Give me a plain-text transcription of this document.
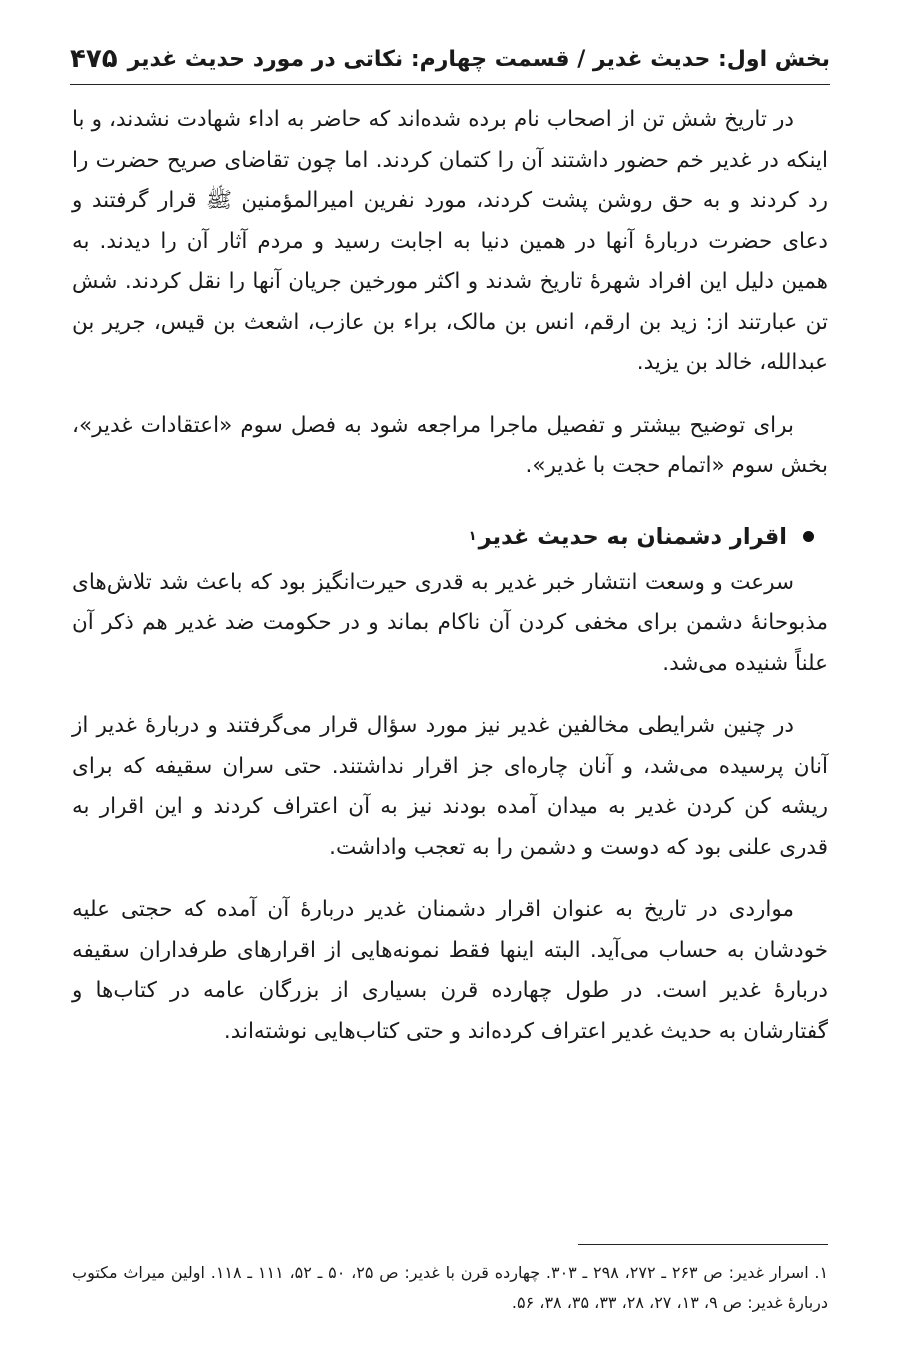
بخش اول: حدیث غدیر / قسمت چهارم: نکاتی در مورد حدیث غدیر
۴۷۵

در تاریخ شش تن از اصحاب نام برده شده‌اند که حاضر به اداء شهادت نشدند، و با اینکه در غدیر خم حضور داشتند آن را کتمان کردند. اما چون تقاضای صریح حضرت را رد کردند و به حق روشن پشت کردند، مورد نفرین امیرالمؤمنین ﷺ قرار گرفتند و دعای حضرت دربارۀ آنها در همین دنیا به اجابت رسید و مردم آثار آن را دیدند. به همین دلیل این افراد شهرۀ تاریخ شدند و اکثر مورخین جریان آنها را نقل کردند. شش تن عبارتند از: زید بن ارقم، انس بن مالک، براء بن عازب، اشعث بن قیس، جریر بن عبدالله، خالد بن یزید.

برای توضیح بیشتر و تفصیل ماجرا مراجعه شود به فصل سوم «اعتقادات غدیر»، بخش سوم «اتمام حجت با غدیر».

اقرار دشمنان به حدیث غدیر
۱

سرعت و وسعت انتشار خبر غدیر به قدری حیرت‌انگیز بود که باعث شد تلاش‌های مذبوحانۀ دشمن برای مخفی کردن آن ناکام بماند و در حکومت ضد غدیر هم ذکر آن علناً شنیده می‌شد.

در چنین شرایطی مخالفین غدیر نیز مورد سؤال قرار می‌گرفتند و دربارۀ غدیر از آنان پرسیده می‌شد، و آنان چاره‌ای جز اقرار نداشتند. حتی سران سقیفه که برای ریشه کن کردن غدیر به میدان آمده بودند نیز به آن اعتراف کردند و این اقرار به قدری علنی بود که دوست و دشمن را به تعجب واداشت.

مواردی در تاریخ به عنوان اقرار دشمنان غدیر دربارۀ آن آمده که حجتی علیه خودشان به حساب می‌آید. البته اینها فقط نمونه‌هایی از اقرارهای طرفداران سقیفه دربارۀ غدیر است. در طول چهارده قرن بسیاری از بزرگان عامه در کتاب‌ها و گفتارشان به حدیث غدیر اعتراف کرده‌اند و حتی کتاب‌هایی نوشته‌اند.

۱. اسرار غدیر: ص ۲۶۳ ـ ۲۷۲، ۲۹۸ ـ ۳۰۳. چهارده قرن با غدیر: ص ۲۵، ۵۰ ـ ۵۲، ۱۱۱ ـ ۱۱۸. اولین میراث مکتوب دربارۀ غدیر: ص ۹، ۱۳، ۲۷، ۲۸، ۳۳، ۳۵، ۳۸، ۵۶.
